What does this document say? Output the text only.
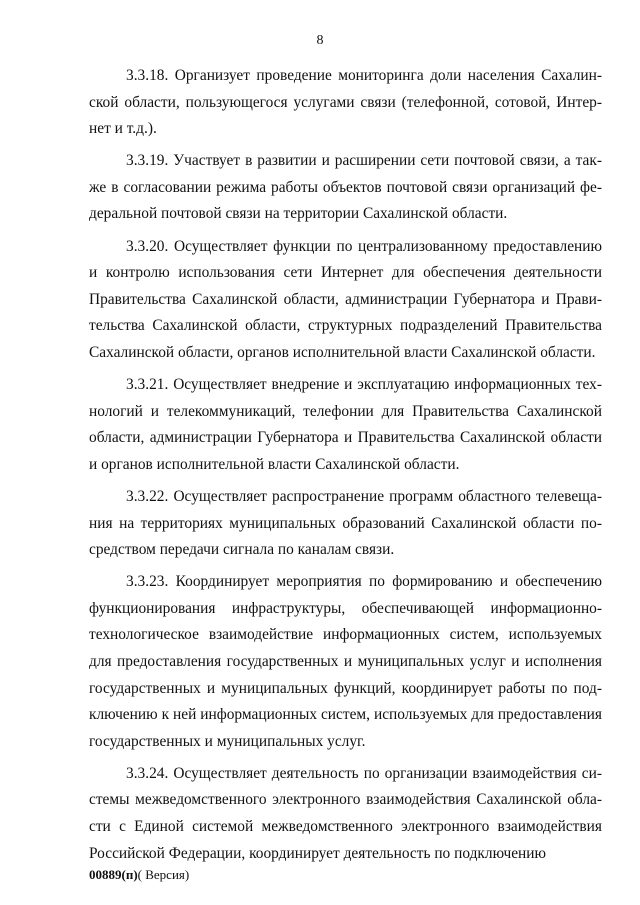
8

3.3.18. Организует проведение мониторинга доли населения Сахалинской области, пользующегося услугами связи (телефонной, сотовой, Интернет и т.д.).

3.3.19. Участвует в развитии и расширении сети почтовой связи, а также в согласовании режима работы объектов почтовой связи организаций федеральной почтовой связи на территории Сахалинской области.

3.3.20. Осуществляет функции по централизованному предоставлению и контролю использования сети Интернет для обеспечения деятельности Правительства Сахалинской области, администрации Губернатора и Правительства Сахалинской области, структурных подразделений Правительства Сахалинской области, органов исполнительной власти Сахалинской области.

3.3.21. Осуществляет внедрение и эксплуатацию информационных технологий и телекоммуникаций, телефонии для Правительства Сахалинской области, администрации Губернатора и Правительства Сахалинской области и органов исполнительной власти Сахалинской области.

3.3.22. Осуществляет распространение программ областного телевещания на территориях муниципальных образований Сахалинской области посредством передачи сигнала по каналам связи.

3.3.23. Координирует мероприятия по формированию и обеспечению функционирования инфраструктуры, обеспечивающей информационно-технологическое взаимодействие информационных систем, используемых для предоставления государственных и муниципальных услуг и исполнения государственных и муниципальных функций, координирует работы по подключению к ней информационных систем, используемых для предоставления государственных и муниципальных услуг.

3.3.24. Осуществляет деятельность по организации взаимодействия системы межведомственного электронного взаимодействия Сахалинской области с Единой системой межведомственного электронного взаимодействия Российской Федерации, координирует деятельность по подключению

00889(п)( Версия)
